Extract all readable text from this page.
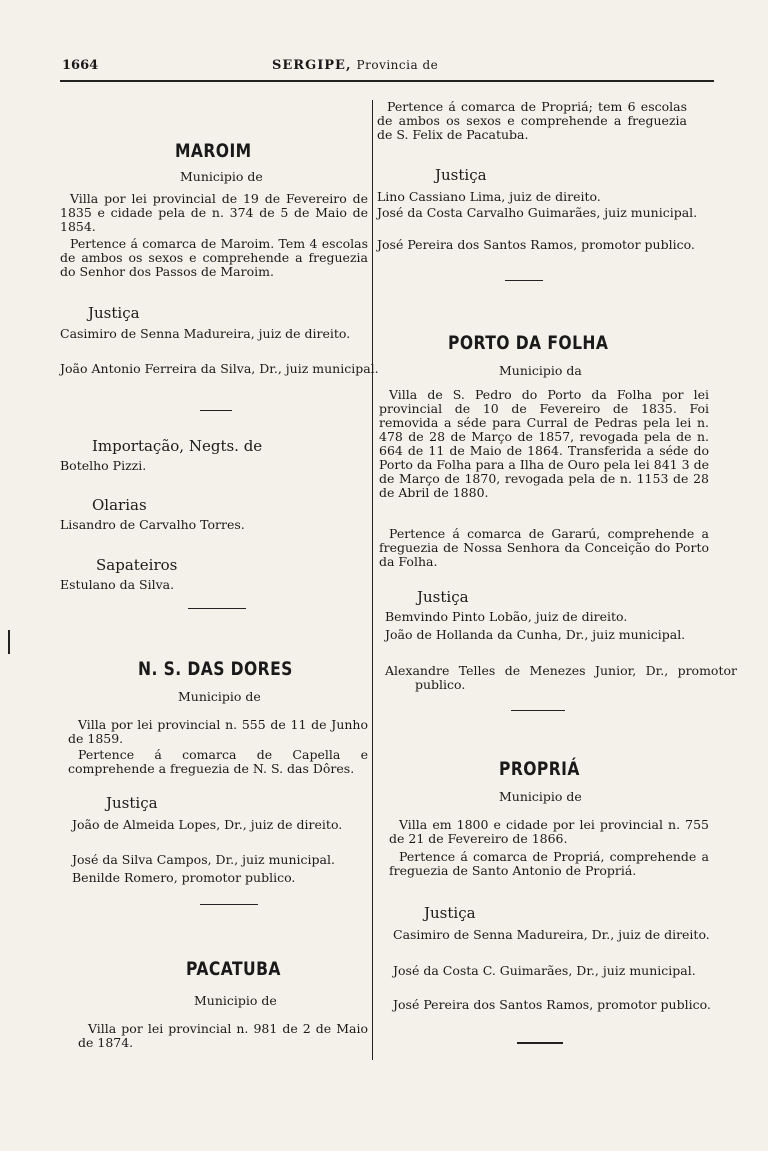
1664	SERGIPE, Provincia de
MAROIM
Municipio de
Villa por lei provincial de 19 de Fevereiro de 1835 e cidade pela de n. 374 de 5 de Maio de 1854.
Pertence á comarca de Maroim. Tem 4 escolas de ambos os sexos e comprehende a freguezia do Senhor dos Passos de Maroim.
Justiça
Casimiro de Senna Madureira, juiz de direito.
João Antonio Ferreira da Silva, Dr., juiz municipal.
Importação, Negts. de
Botelho Pizzi.
Olarias
Lisandro de Carvalho Torres.
Sapateiros
Estulano da Silva.
N. S. DAS DORES
Municipio de
Villa por lei provincial n. 555 de 11 de Junho de 1859.
Pertence á comarca de Capella e comprehende a freguezia de N. S. das Dôres.
Justiça
João de Almeida Lopes, Dr., juiz de direito.
José da Silva Campos, Dr., juiz municipal.
Benilde Romero, promotor publico.
PACATUBA
Municipio de
Villa por lei provincial n. 981 de 2 de Maio de 1874.
Pertence á comarca de Propriá; tem 6 escolas de ambos os sexos e comprehende a freguezia de S. Felix de Pacatuba.
Justiça
Lino Cassiano Lima, juiz de direito.
José da Costa Carvalho Guimarães, juiz municipal.
José Pereira dos Santos Ramos, promotor publico.
PORTO DA FOLHA
Municipio da
Villa de S. Pedro do Porto da Folha por lei provincial de 10 de Fevereiro de 1835. Foi removida a séde para Curral de Pedras pela lei n. 478 de 28 de Março de 1857, revogada pela de n. 664 de 11 de Maio de 1864. Transferida a séde do Porto da Folha para a Ilha de Ouro pela lei 841 3 de de Março de 1870, revogada pela de n. 1153 de 28 de Abril de 1880.
Pertence á comarca de Gararú, comprehende a freguezia de Nossa Senhora da Conceição do Porto da Folha.
Justiça
Bemvindo Pinto Lobão, juiz de direito.
João de Hollanda da Cunha, Dr., juiz municipal.
Alexandre Telles de Menezes Junior, Dr., promotor publico.
PROPRIÁ
Municipio de
Villa em 1800 e cidade por lei provincial n. 755 de 21 de Fevereiro de 1866.
Pertence á comarca de Propriá, comprehende a freguezia de Santo Antonio de Propriá.
Justiça
Casimiro de Senna Madureira, Dr., juiz de direito.
José da Costa C. Guimarães, Dr., juiz municipal.
José Pereira dos Santos Ramos, promotor publico.
